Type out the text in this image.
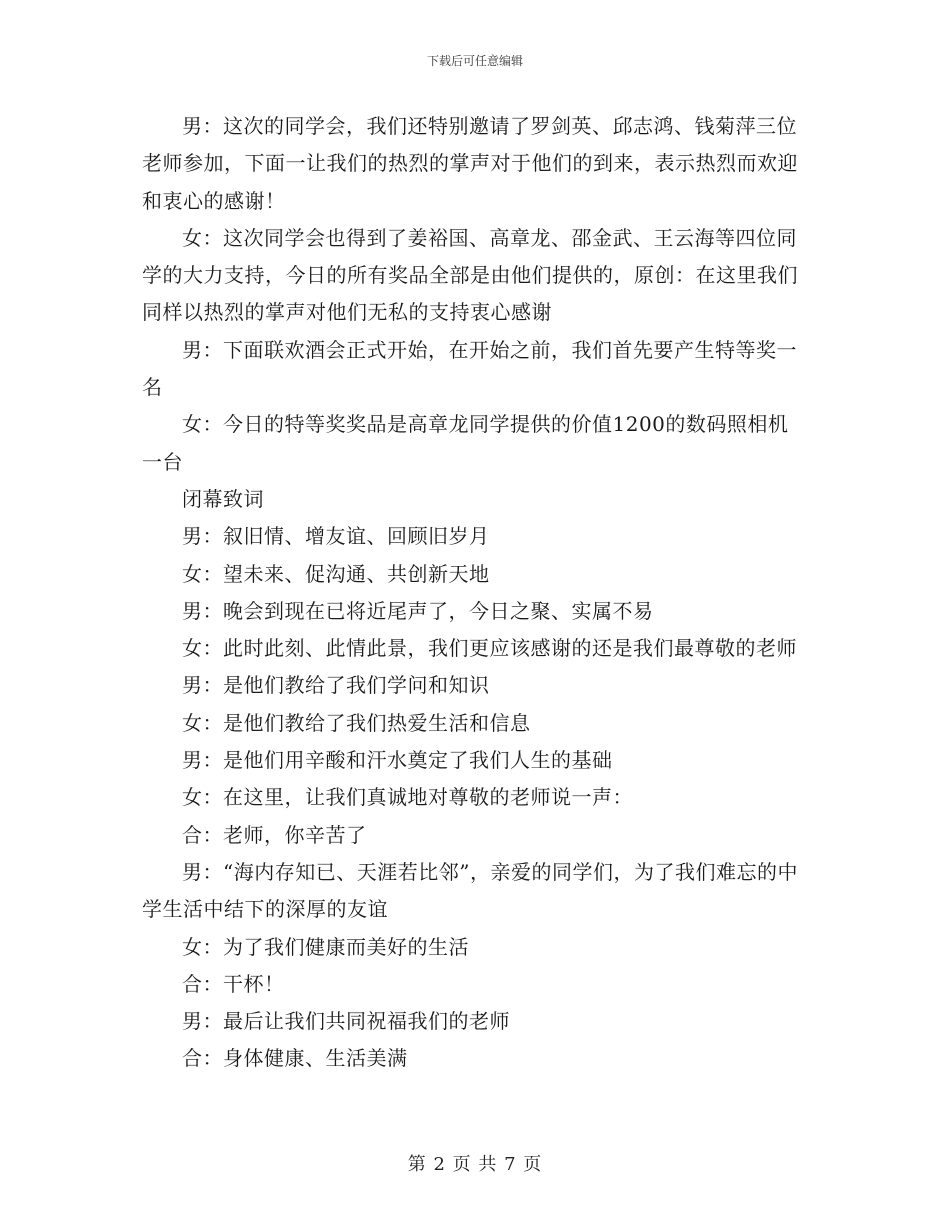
下载后可任意编辑

男：这次的同学会，我们还特别邀请了罗剑英、邱志鸿、钱菊萍三位老师参加，下面一让我们的热烈的掌声对于他们的到来，表示热烈而欢迎和衷心的感谢！

女：这次同学会也得到了姜裕国、高章龙、邵金武、王云海等四位同学的大力支持，今日的所有奖品全部是由他们提供的，原创：在这里我们同样以热烈的掌声对他们无私的支持衷心感谢

男：下面联欢酒会正式开始，在开始之前，我们首先要产生特等奖一名

女：今日的特等奖奖品是高章龙同学提供的价值1200的数码照相机一台

闭幕致词

男：叙旧情、增友谊、回顾旧岁月

女：望未来、促沟通、共创新天地

男：晚会到现在已将近尾声了，今日之聚、实属不易

女：此时此刻、此情此景，我们更应该感谢的还是我们最尊敬的老师

男：是他们教给了我们学问和知识

女：是他们教给了我们热爱生活和信息

男：是他们用辛酸和汗水奠定了我们人生的基础

女：在这里，让我们真诚地对尊敬的老师说一声：

合：老师，你辛苦了

男：“海内存知已、天涯若比邻”，亲爱的同学们，为了我们难忘的中学生活中结下的深厚的友谊

女：为了我们健康而美好的生活

合：干杯！

男：最后让我们共同祝福我们的老师

合：身体健康、生活美满

第 2 页 共 7 页
